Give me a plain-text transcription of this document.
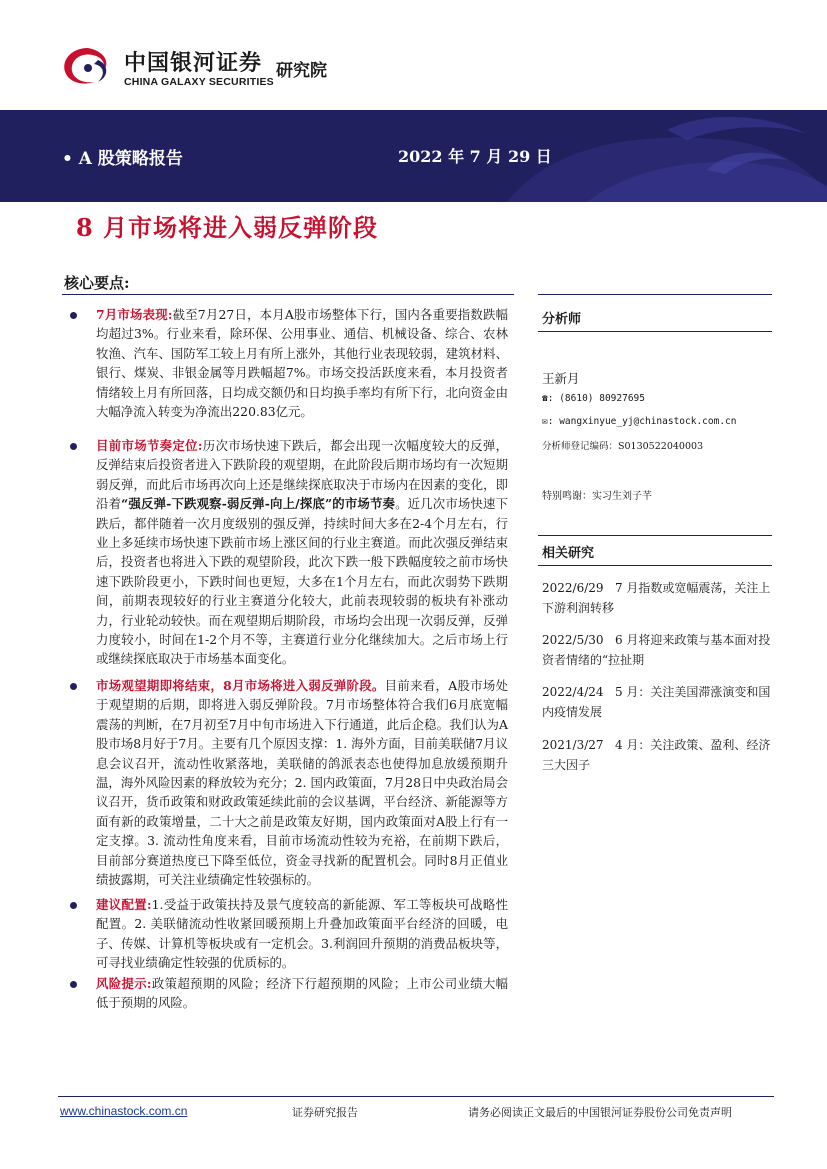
中国银河证券
CHINA GALAXY SECURITIES
研究院
• A 股策略报告	2022 年 7 月 29 日
8 月市场将进入弱反弹阶段
核心要点:
7月市场表现:截至7月27日，本月A股市场整体下行，国内各重要指数跌幅均超过3%。行业来看，除环保、公用事业、通信、机械设备、综合、农林牧渔、汽车、国防军工较上月有所上涨外，其他行业表现较弱，建筑材料、银行、煤炭、非银金属等月跌幅超7%。市场交投活跃度来看，本月投资者情绪较上月有所回落，日均成交额仍和日均换手率均有所下行，北向资金由大幅净流入转变为净流出220.83亿元。
目前市场节奏定位:历次市场快速下跌后，都会出现一次幅度较大的反弹，反弹结束后投资者进入下跌阶段的观望期，在此阶段后期市场均有一次短期弱反弹，而此后市场再次向上还是继续探底取决于市场内在因素的变化，即沿着“强反弹-下跌观察-弱反弹-向上/探底”的市场节奏。近几次市场快速下跌后，都伴随着一次月度级别的强反弹，持续时间大多在2-4个月左右，行业上多延续市场快速下跌前市场上涨区间的行业主赛道。而此次强反弹结束后，投资者也将进入下跌的观望阶段，此次下跌一般下跌幅度较之前市场快速下跌阶段更小，下跌时间也更短，大多在1个月左右，而此次弱势下跌期间，前期表现较好的行业主赛道分化较大，此前表现较弱的板块有补涨动力，行业轮动较快。而在观望期后期阶段，市场均会出现一次弱反弹，反弹力度较小，时间在1-2个月不等，主赛道行业分化继续加大。之后市场上行或继续探底取决于市场基本面变化。
市场观望期即将结束，8月市场将进入弱反弹阶段。目前来看，A股市场处于观望期的后期，即将进入弱反弹阶段。7月市场整体符合我们6月底宽幅震荡的判断，在7月初至7月中旬市场进入下行通道，此后企稳。我们认为A股市场8月好于7月。主要有几个原因支撑：1. 海外方面，目前美联储7月议息会议召开，流动性收紧落地，美联储的鸽派表态也使得加息放缓预期升温，海外风险因素的释放较为充分；2. 国内政策面，7月28日中央政治局会议召开，货币政策和财政政策延续此前的会议基调，平台经济、新能源等方面有新的政策增量，二十大之前是政策友好期，国内政策面对A股上行有一定支撑。3. 流动性角度来看，目前市场流动性较为充裕，在前期下跌后，目前部分赛道热度已下降至低位，资金寻找新的配置机会。同时8月正值业绩披露期，可关注业绩确定性较强标的。
建议配置:1.受益于政策扶持及景气度较高的新能源、军工等板块可战略性配置。2. 美联储流动性收紧回暖预期上升叠加政策面平台经济的回暖，电子、传媒、计算机等板块或有一定机会。3.利润回升预期的消费品板块等，可寻找业绩确定性较强的优质标的。
风险提示:政策超预期的风险；经济下行超预期的风险；上市公司业绩大幅低于预期的风险。
分析师
王新月
☎: (8610) 80927695
✉: wangxinyue_yj@chinastock.com.cn
分析师登记编码：S0130522040003
特别鸣谢：实习生刘子芊
相关研究
2022/6/29 7 月指数或宽幅震荡，关注上下游利润转移
2022/5/30 6 月将迎来政策与基本面对投资者情绪的“拉扯期
2022/4/24 5 月：关注美国滞涨演变和国内疫情发展
2021/3/27 4 月：关注政策、盈利、经济三大因子
www.chinastock.com.cn	证券研究报告	请务必阅读正文最后的中国银河证券股份公司免责声明
